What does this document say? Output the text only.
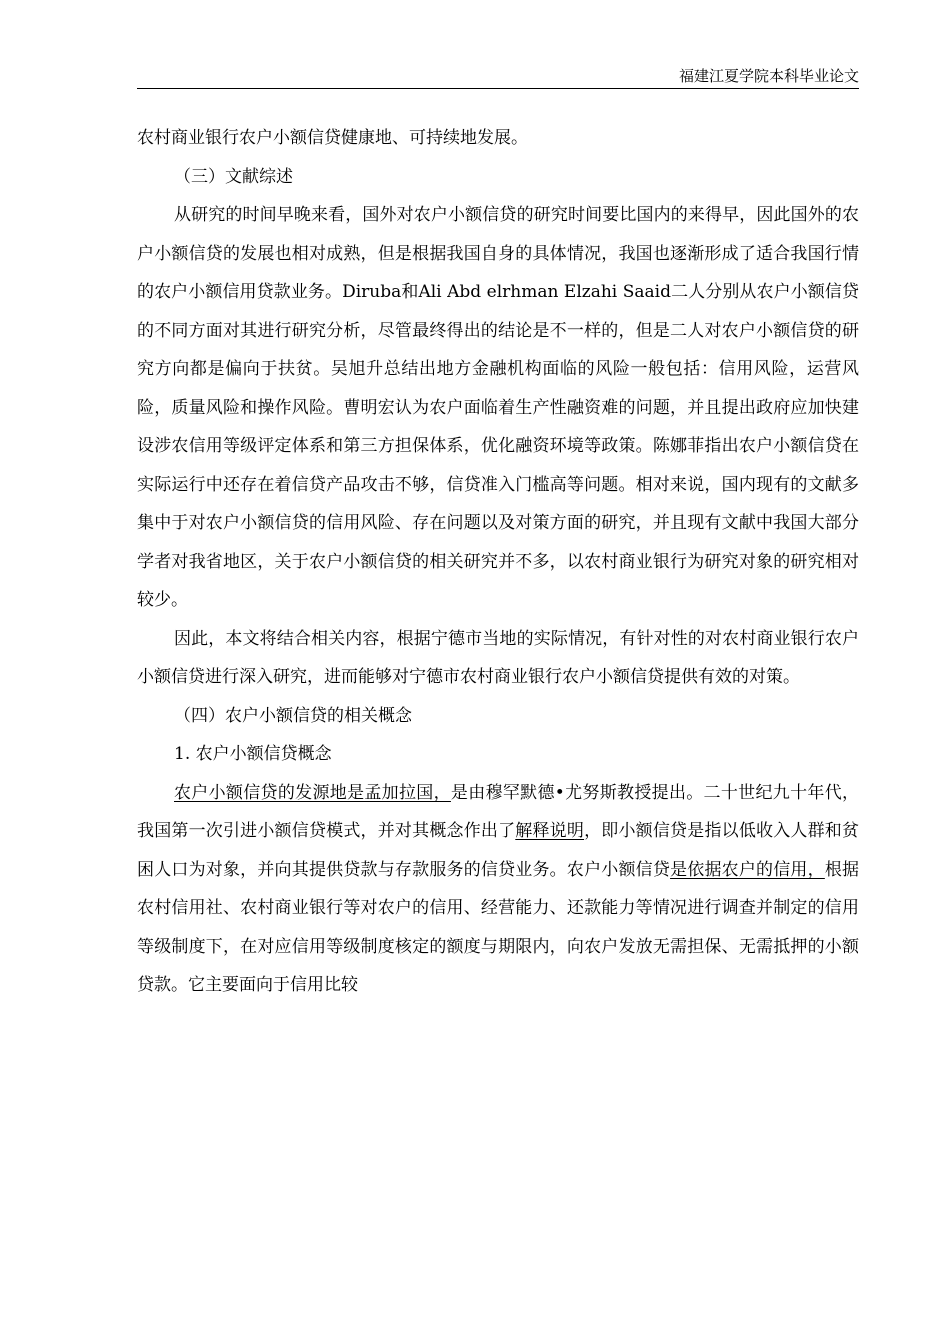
福建江夏学院本科毕业论文

农村商业银行农户小额信贷健康地、可持续地发展。

（三）文献综述

从研究的时间早晚来看，国外对农户小额信贷的研究时间要比国内的来得早，因此国外的农户小额信贷的发展也相对成熟，但是根据我国自身的具体情况，我国也逐渐形成了适合我国行情的农户小额信用贷款业务。Diruba和Ali Abd elrhman Elzahi Saaid二人分别从农户小额信贷的不同方面对其进行研究分析，尽管最终得出的结论是不一样的，但是二人对农户小额信贷的研究方向都是偏向于扶贫。吴旭升总结出地方金融机构面临的风险一般包括：信用风险，运营风险，质量风险和操作风险。曹明宏认为农户面临着生产性融资难的问题，并且提出政府应加快建设涉农信用等级评定体系和第三方担保体系，优化融资环境等政策。陈娜菲指出农户小额信贷在实际运行中还存在着信贷产品攻击不够，信贷准入门槛高等问题。相对来说，国内现有的文献多集中于对农户小额信贷的信用风险、存在问题以及对策方面的研究，并且现有文献中我国大部分学者对我省地区，关于农户小额信贷的相关研究并不多，以农村商业银行为研究对象的研究相对较少。

因此，本文将结合相关内容，根据宁德市当地的实际情况，有针对性的对农村商业银行农户小额信贷进行深入研究，进而能够对宁德市农村商业银行农户小额信贷提供有效的对策。

（四）农户小额信贷的相关概念

1. 农户小额信贷概念

农户小额信贷的发源地是孟加拉国，是由穆罕默德•尤努斯教授提出。二十世纪九十年代，我国第一次引进小额信贷模式，并对其概念作出了解释说明，即小额信贷是指以低收入人群和贫困人口为对象，并向其提供贷款与存款服务的信贷业务。农户小额信贷是依据农户的信用，根据农村信用社、农村商业银行等对农户的信用、经营能力、还款能力等情况进行调查并制定的信用等级制度下，在对应信用等级制度核定的额度与期限内，向农户发放无需担保、无需抵押的小额贷款。它主要面向于信用比较
